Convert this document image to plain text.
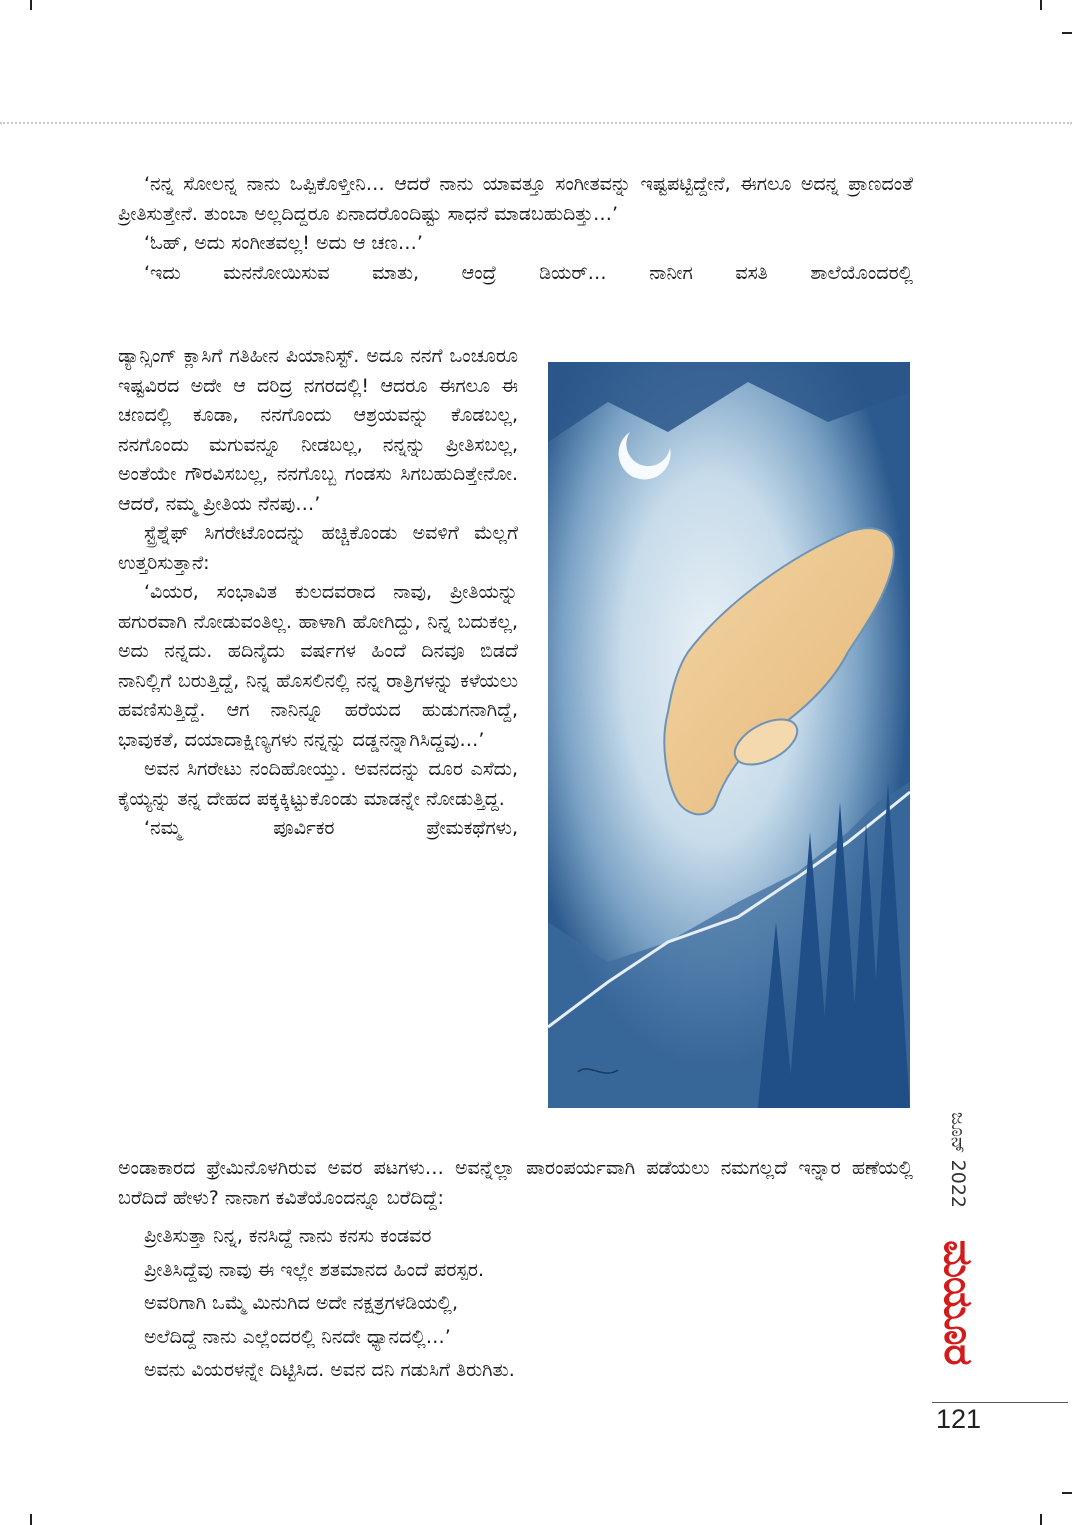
‘ನನ್ನ ಸೋಲನ್ನ ನಾನು ಒಪ್ಪಿಕೊಳ್ತೀನಿ… ಆದರೆ ನಾನು ಯಾವತ್ತೂ ಸಂಗೀತವನ್ನು ಇಷ್ಟಪಟ್ಟಿದ್ದೇನೆ, ಈಗಲೂ ಅದನ್ನ ಪ್ರಾಣದಂತೆ ಪ್ರೀತಿಸುತ್ತೇನೆ. ತುಂಬಾ ಅಲ್ಲದಿದ್ದರೂ ಏನಾದರೊಂದಿಷ್ಟು ಸಾಧನೆ ಮಾಡಬಹುದಿತ್ತು…’

‘ಓಹ್, ಅದು ಸಂಗೀತವಲ್ಲ! ಅದು ಆ ಚಣ…’

‘ಇದು ಮನನೋಯಿಸುವ ಮಾತು, ಆಂದ್ರೆ ಡಿಯರ್… ನಾನೀಗ ವಸತಿ ಶಾಲೆಯೊಂದರಲ್ಲಿ

ಡ್ಯಾನ್ಸಿಂಗ್ ಕ್ಲಾಸಿಗೆ ಗತಿಹೀನ ಪಿಯಾನಿಸ್ಟ್. ಅದೂ ನನಗೆ ಒಂಚೂರೂ ಇಷ್ಟವಿರದ ಅದೇ ಆ ದರಿದ್ರ ನಗರದಲ್ಲಿ! ಆದರೂ ಈಗಲೂ ಈ ಚಣದಲ್ಲಿ ಕೂಡಾ, ನನಗೊಂದು ಆಶ್ರಯವನ್ನು ಕೊಡಬಲ್ಲ, ನನಗೊಂದು ಮಗುವನ್ನೂ ನೀಡಬಲ್ಲ, ನನ್ನನ್ನು ಪ್ರೀತಿಸಬಲ್ಲ, ಅಂತೆಯೇ ಗೌರವಿಸಬಲ್ಲ, ನನಗೊಬ್ಬ ಗಂಡಸು ಸಿಗಬಹುದಿತ್ತೇನೋ. ಆದರೆ, ನಮ್ಮ ಪ್ರೀತಿಯ ನೆನಪು…’

ಸ್ಟ್ರೆಶ್ನೆಫ್ ಸಿಗರೇಟೊಂದನ್ನು ಹಚ್ಚಿಕೊಂಡು ಅವಳಿಗೆ ಮೆಲ್ಲಗೆ ಉತ್ತರಿಸುತ್ತಾನೆ:

‘ವಿಯರ, ಸಂಭಾವಿತ ಕುಲದವರಾದ ನಾವು, ಪ್ರೀತಿಯನ್ನು ಹಗುರವಾಗಿ ನೋಡುವಂತಿಲ್ಲ. ಹಾಳಾಗಿ ಹೋಗಿದ್ದು, ನಿನ್ನ ಬದುಕಲ್ಲ, ಅದು ನನ್ನದು. ಹದಿನೈದು ವರ್ಷಗಳ ಹಿಂದೆ ದಿನವೂ ಬಿಡದೆ ನಾನಿಲ್ಲಿಗೆ ಬರುತ್ತಿದ್ದೆ, ನಿನ್ನ ಹೊಸಲಿನಲ್ಲಿ ನನ್ನ ರಾತ್ರಿಗಳನ್ನು ಕಳೆಯಲು ಹವಣಿಸುತ್ತಿದ್ದೆ. ಆಗ ನಾನಿನ್ನೂ ಹರೆಯದ ಹುಡುಗನಾಗಿದ್ದೆ, ಭಾವುಕತೆ, ದಯಾದಾಕ್ಷಿಣ್ಯಗಳು ನನ್ನನ್ನು ದಡ್ಡನನ್ನಾಗಿಸಿದ್ದವು…’

ಅವನ ಸಿಗರೇಟು ನಂದಿಹೋಯ್ತು. ಅವನದನ್ನು ದೂರ ಎಸೆದು, ಕೈಯ್ಯನ್ನು ತನ್ನ ದೇಹದ ಪಕ್ಕಕ್ಕಿಟ್ಟುಕೊಂಡು ಮಾಡನ್ನೇ ನೋಡುತ್ತಿದ್ದ.

‘ನಮ್ಮ ಪೂರ್ವಿಕರ ಪ್ರೇಮಕಥೆಗಳು,

ಅಂಡಾಕಾರದ ಫ್ರೇಮಿನೊಳಗಿರುವ ಅವರ ಪಟಗಳು… ಅವನ್ನೆಲ್ಲಾ ಪಾರಂಪರ್ಯವಾಗಿ ಪಡೆಯಲು ನಮಗಲ್ಲದೆ ಇನ್ನಾರ ಹಣೆಯಲ್ಲಿ ಬರೆದಿದೆ ಹೇಳು? ನಾನಾಗ ಕವಿತೆಯೊಂದನ್ನೂ ಬರೆದಿದ್ದೆ:

ಪ್ರೀತಿಸುತ್ತಾ ನಿನ್ನ, ಕನಸಿದ್ದೆ ನಾನು ಕನಸು ಕಂಡವರ
ಪ್ರೀತಿಸಿದ್ದೆವು ನಾವು ಈ ಇಲ್ಲೇ ಶತಮಾನದ ಹಿಂದೆ ಪರಸ್ಪರ.
ಅವರಿಗಾಗಿ ಒಮ್ಮೆ ಮಿನುಗಿದ ಅದೇ ನಕ್ಷತ್ರಗಳಡಿಯಲ್ಲಿ,
ಅಲೆದಿದ್ದೆ ನಾನು ಎಲ್ಲೆಂದರಲ್ಲಿ ನಿನದೇ ಧ್ಯಾನದಲ್ಲಿ…’
ಅವನು ವಿಯರಳನ್ನೇ ದಿಟ್ಟಿಸಿದ. ಅವನ ದನಿ ಗಡುಸಿಗೆ ತಿರುಗಿತು.
ಜೂನ್ 2022
ಮಯೂರ
121
